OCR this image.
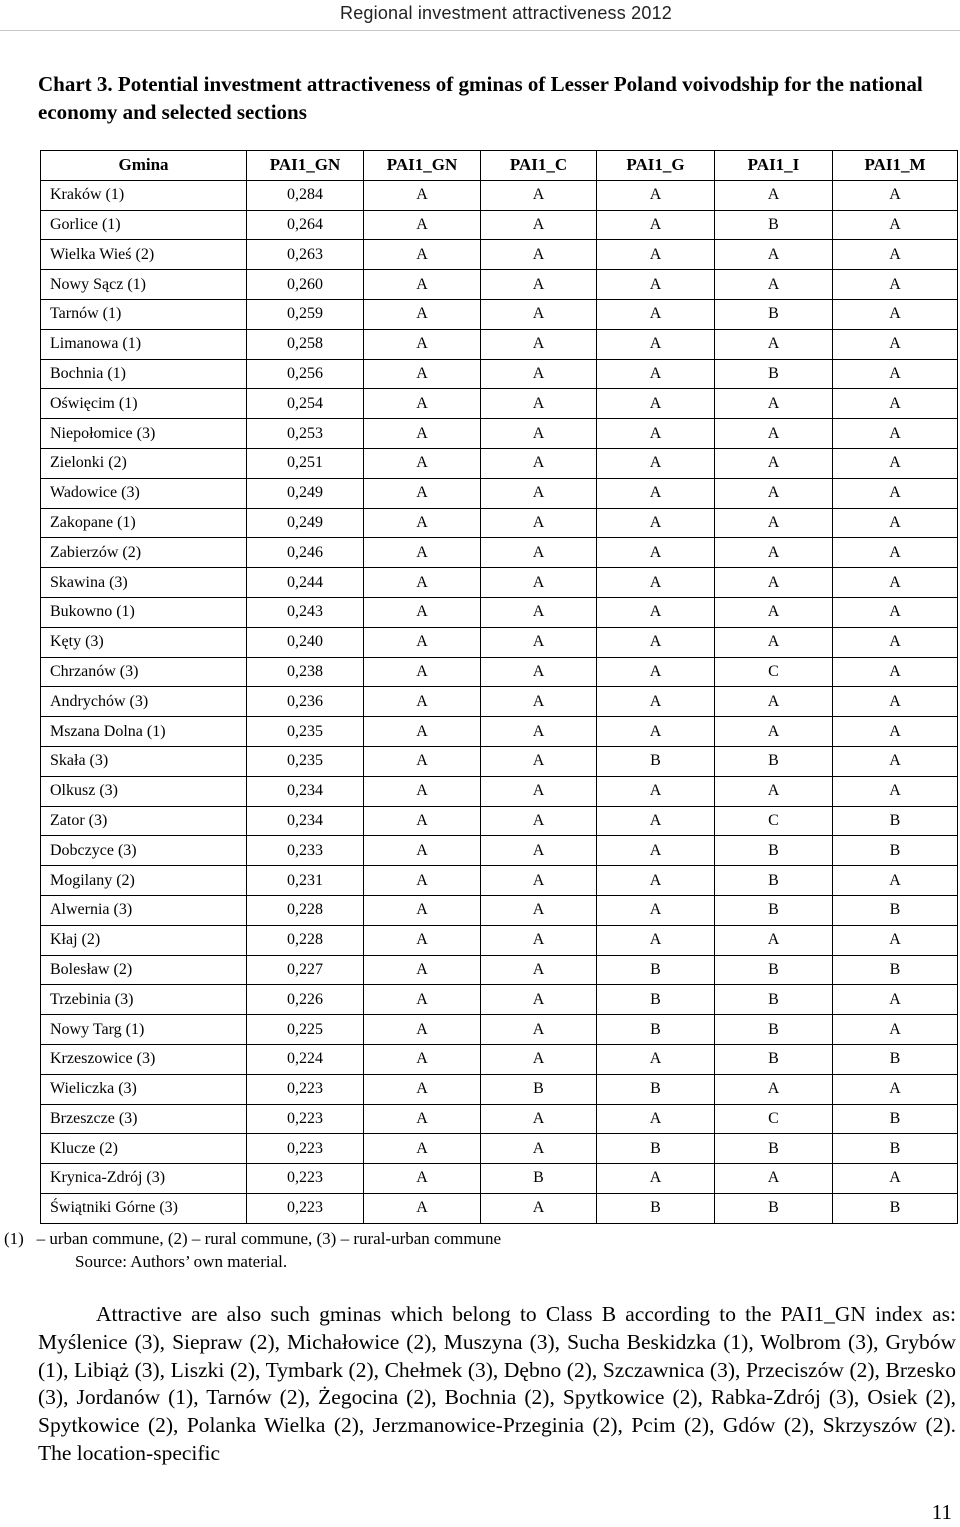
Regional investment attractiveness 2012
Chart 3. Potential investment attractiveness of gminas of Lesser Poland voivodship for the national economy and selected sections
Gmina	PAI1_GN	PAI1_GN	PAI1_C	PAI1_G	PAI1_I	PAI1_M
Kraków (1)	0,284	A	A	A	A	A
Gorlice (1)	0,264	A	A	A	B	A
Wielka Wieś (2)	0,263	A	A	A	A	A
Nowy Sącz (1)	0,260	A	A	A	A	A
Tarnów (1)	0,259	A	A	A	B	A
Limanowa (1)	0,258	A	A	A	A	A
Bochnia (1)	0,256	A	A	A	B	A
Oświęcim (1)	0,254	A	A	A	A	A
Niepołomice (3)	0,253	A	A	A	A	A
Zielonki (2)	0,251	A	A	A	A	A
Wadowice (3)	0,249	A	A	A	A	A
Zakopane (1)	0,249	A	A	A	A	A
Zabierzów (2)	0,246	A	A	A	A	A
Skawina (3)	0,244	A	A	A	A	A
Bukowno (1)	0,243	A	A	A	A	A
Kęty (3)	0,240	A	A	A	A	A
Chrzanów (3)	0,238	A	A	A	C	A
Andrychów (3)	0,236	A	A	A	A	A
Mszana Dolna (1)	0,235	A	A	A	A	A
Skała (3)	0,235	A	A	B	B	A
Olkusz (3)	0,234	A	A	A	A	A
Zator (3)	0,234	A	A	A	C	B
Dobczyce (3)	0,233	A	A	A	B	B
Mogilany (2)	0,231	A	A	A	B	A
Alwernia (3)	0,228	A	A	A	B	B
Kłaj (2)	0,228	A	A	A	A	A
Bolesław (2)	0,227	A	A	B	B	B
Trzebinia (3)	0,226	A	A	B	B	A
Nowy Targ (1)	0,225	A	A	B	B	A
Krzeszowice (3)	0,224	A	A	A	B	B
Wieliczka (3)	0,223	A	B	B	A	A
Brzeszcze (3)	0,223	A	A	A	C	B
Klucze (2)	0,223	A	A	B	B	B
Krynica-Zdrój (3)	0,223	A	B	A	A	A
Świątniki Górne (3)	0,223	A	A	B	B	B

(1)   – urban commune, (2) – rural commune, (3) – rural-urban commune

Source: Authors’ own material.

Attractive are also such gminas which belong to Class B according to the PAI1_GN index as: Myślenice (3), Siepraw (2), Michałowice (2), Muszyna (3), Sucha Beskidzka (1), Wolbrom (3), Grybów (1), Libiąż (3), Liszki (2), Tymbark (2), Chełmek (3), Dębno (2), Szczawnica (3), Przeciszów (2), Brzesko (3), Jordanów (1), Tarnów (2), Żegocina (2), Bochnia (2), Spytkowice (2), Rabka-Zdrój (3), Osiek (2), Spytkowice (2), Polanka Wielka (2), Jerzmanowice-Przeginia (2), Pcim (2), Gdów (2), Skrzyszów (2). The location-specific

11
